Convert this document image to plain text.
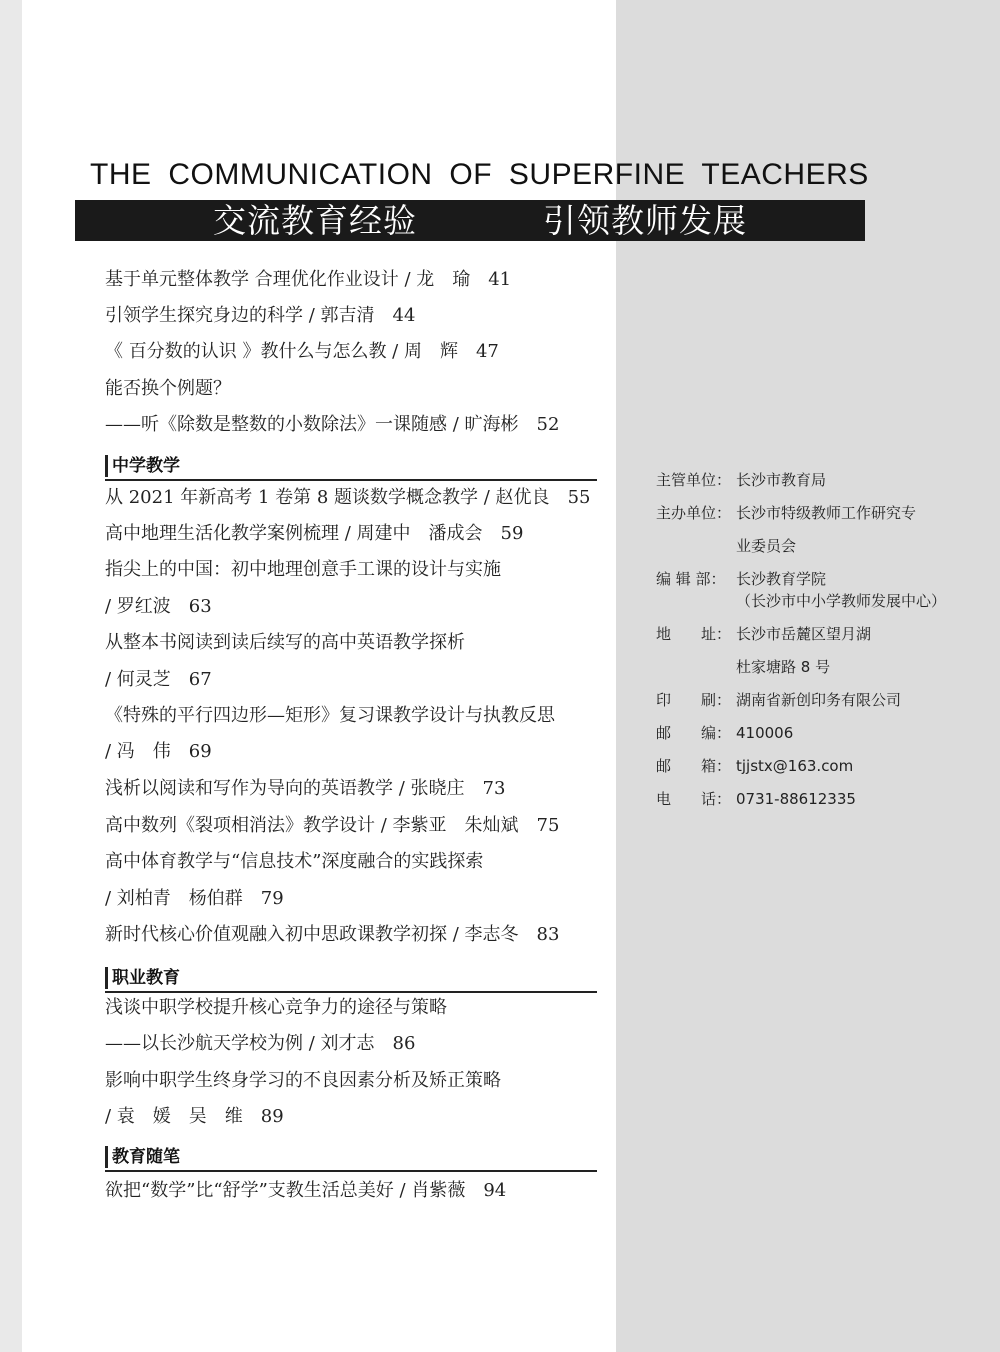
THE COMMUNICATION OF SUPERFINE TEACHERS
交流教育经验	引领教师发展
基于单元整体教学 合理优化作业设计 / 龙　瑜 41
引领学生探究身边的科学 / 郭吉清 44
《 百分数的认识 》教什么与怎么教 / 周　辉 47
能否换个例题？
——听《除数是整数的小数除法》一课随感 / 旷海彬 52
中学教学
从 2021 年新高考 1 卷第 8 题谈数学概念教学 / 赵优良 55
高中地理生活化教学案例梳理 / 周建中　潘成会 59
指尖上的中国：初中地理创意手工课的设计与实施
/ 罗红波 63
从整本书阅读到读后续写的高中英语教学探析
/ 何灵芝 67
《特殊的平行四边形—矩形》复习课教学设计与执教反思
/ 冯　伟 69
浅析以阅读和写作为导向的英语教学 / 张晓庄 73
高中数列《裂项相消法》教学设计 / 李紫亚　朱灿斌 75
高中体育教学与“信息技术”深度融合的实践探索
/ 刘柏青　杨伯群 79
新时代核心价值观融入初中思政课教学初探 / 李志冬 83
职业教育
浅谈中职学校提升核心竞争力的途径与策略
——以长沙航天学校为例 / 刘才志 86
影响中职学生终身学习的不良因素分析及矫正策略
/ 袁　媛　吴　维 89
教育随笔
欲把“数学”比“舒学”支教生活总美好 / 肖紫薇 94
主管单位： 长沙市教育局
主办单位： 长沙市特级教师工作研究专
业委员会
编 辑 部： 长沙教育学院
（长沙市中小学教师发展中心）
地　　址： 长沙市岳麓区望月湖
杜家塘路 8 号
印　　刷： 湖南省新创印务有限公司
邮　　编： 410006
邮　　箱： tjjstx@163.com
电　　话： 0731-88612335
